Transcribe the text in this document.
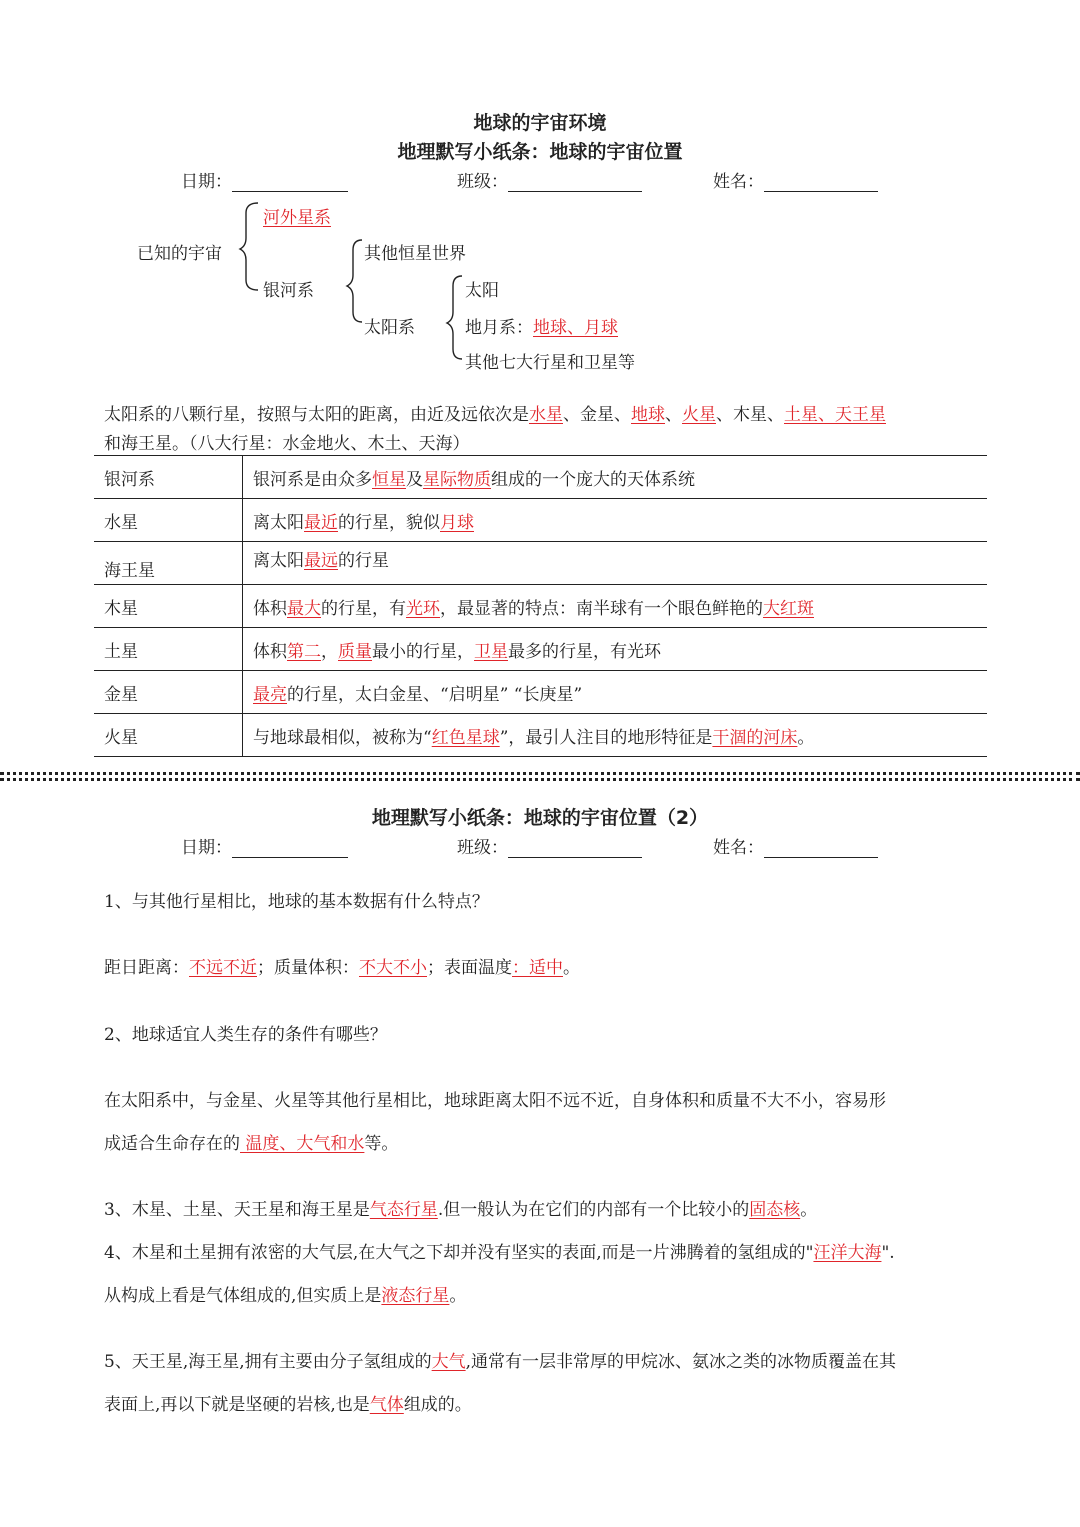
地球的宇宙环境
地理默写小纸条：地球的宇宙位置
日期：	班级：	姓名：
已知的宇宙
河外星系
银河系
其他恒星世界
太阳系
太阳
地月系：地球、月球
其他七大行星和卫星等
太阳系的八颗行星，按照与太阳的距离，由近及远依次是水星、金星、地球、火星、木星、土星、天王星
和海王星。（八大行星：水金地火、木土、天海）
银河系	银河系是由众多恒星及星际物质组成的一个庞大的天体系统
水星	离太阳最近的行星，貌似月球
海王星	离太阳最远的行星
木星	体积最大的行星，有光环，最显著的特点：南半球有一个眼色鲜艳的大红斑
土星	体积第二，质量最小的行星，卫星最多的行星，有光环
金星	最亮的行星，太白金星、“启明星” “长庚星”
火星	与地球最相似，被称为“红色星球”，最引人注目的地形特征是干涸的河床。
地理默写小纸条：地球的宇宙位置（2）
日期：	班级：	姓名：
1、与其他行星相比，地球的基本数据有什么特点？
距日距离：不远不近；质量体积：不大不小；表面温度：适中。
2、地球适宜人类生存的条件有哪些？
在太阳系中，与金星、火星等其他行星相比，地球距离太阳不远不近，自身体积和质量不大不小，容易形
成适合生命存在的 温度、大气和水等。
3、木星、土星、天王星和海王星是气态行星.但一般认为在它们的内部有一个比较小的固态核。
4、木星和土星拥有浓密的大气层,在大气之下却并没有坚实的表面,而是一片沸腾着的氢组成的"汪洋大海".
从构成上看是气体组成的,但实质上是液态行星。
5、天王星,海王星,拥有主要由分子氢组成的大气,通常有一层非常厚的甲烷冰、氨冰之类的冰物质覆盖在其
表面上,再以下就是坚硬的岩核,也是气体组成的。
